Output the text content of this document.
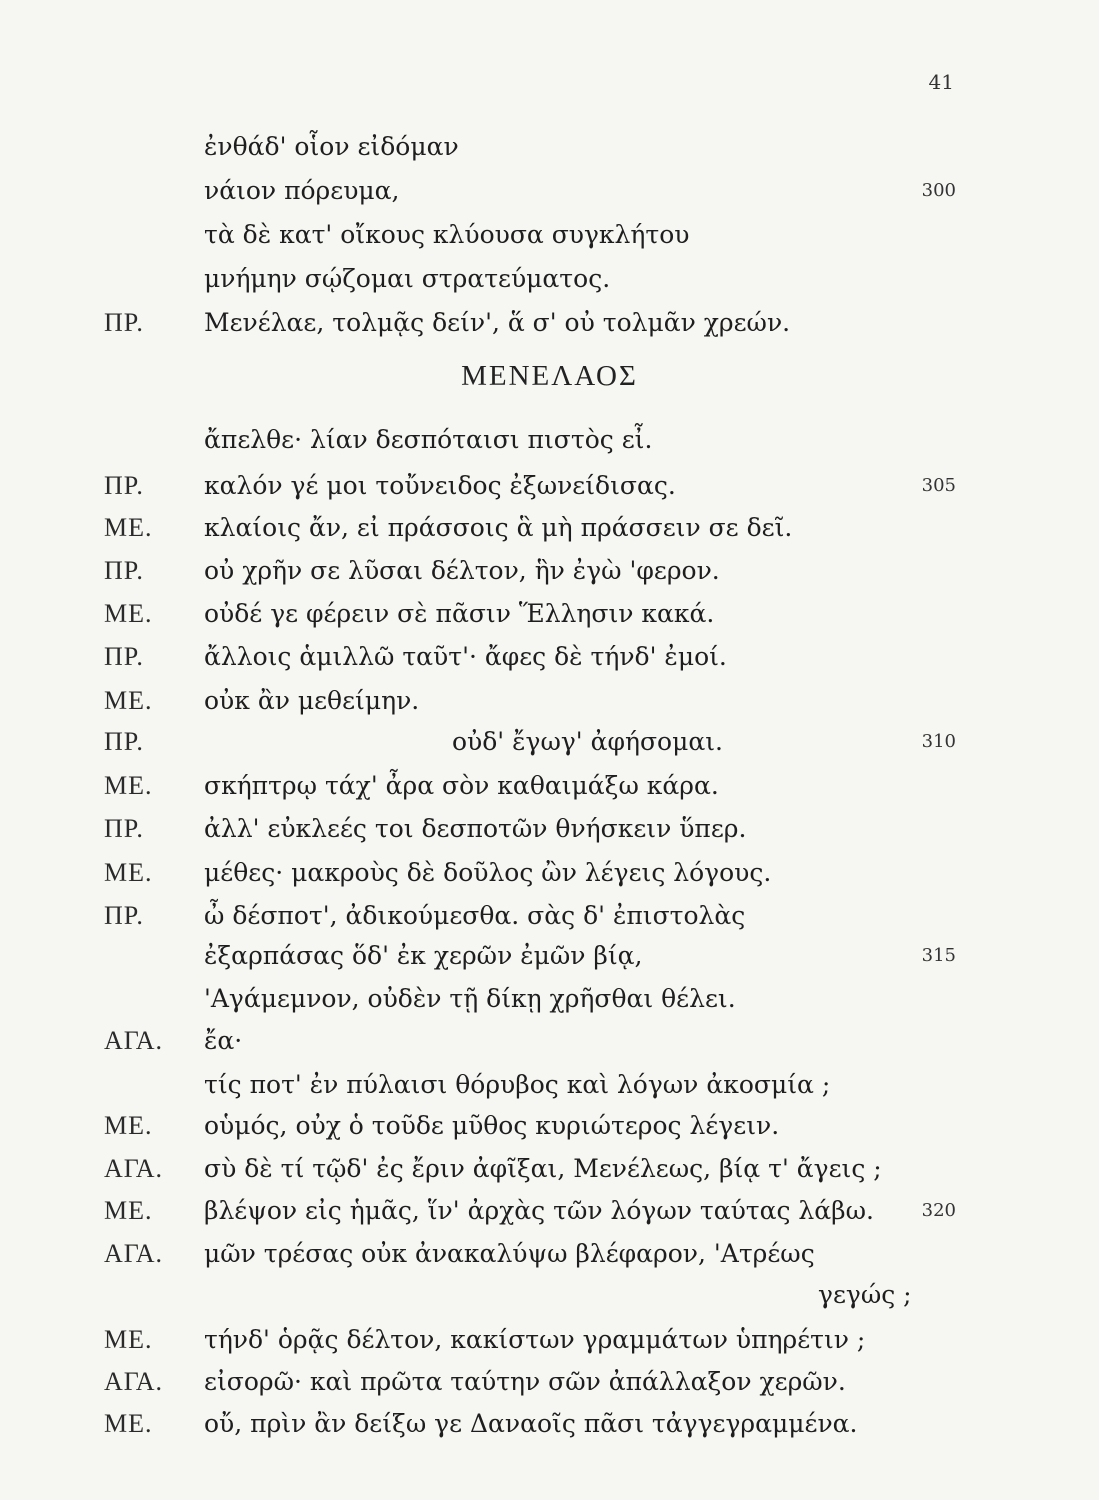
41
ἐνθάδ' οἷον εἰδόμαν
νάιον πόρευμα,	300
τὰ δὲ κατ' οἴκους κλύουσα συγκλήτου
μνήμην σῴζομαι στρατεύματος.
ΠΡ. Μενέλαε, τολμᾷς δείν', ἅ σ' οὐ τολμᾶν χρεών.
ἄπελθε· λίαν δεσπόταισι πιστὸς εἶ.
ΠΡ. καλόν γέ μοι τοὔνειδος ἐξωνείδισας.	305
ΜΕ. κλαίοις ἄν, εἰ πράσσοις ἃ μὴ πράσσειν σε δεῖ.
ΠΡ. οὐ χρῆν σε λῦσαι δέλτον, ἣν ἐγὼ 'φερον.
ΜΕ. οὐδέ γε φέρειν σὲ πᾶσιν Ἕλλησιν κακά.
ΠΡ. ἄλλοις ἁμιλλῶ ταῦτ'· ἄφες δὲ τήνδ' ἐμοί.
ΜΕ. οὐκ ἂν μεθείμην.
ΠΡ.	οὐδ' ἔγωγ' ἀφήσομαι.	310
ΜΕ. σκήπτρῳ τάχ' ἆρα σὸν καθαιμάξω κάρα.
ΠΡ. ἀλλ' εὐκλεές τοι δεσποτῶν θνήσκειν ὕπερ.
ΜΕ. μέθες· μακροὺς δὲ δοῦλος ὢν λέγεις λόγους.
ΠΡ. ὦ δέσποτ', ἀδικούμεσθα. σὰς δ' ἐπιστολὰς
ἐξαρπάσας ὅδ' ἐκ χερῶν ἐμῶν βίᾳ,	315
'Αγάμεμνον, οὐδὲν τῇ δίκῃ χρῆσθαι θέλει.
ΑΓΑ. ἔα·
τίς ποτ' ἐν πύλαισι θόρυβος καὶ λόγων ἀκοσμία ;
ΜΕ. οὑμός, οὐχ ὁ τοῦδε μῦθος κυριώτερος λέγειν.
ΑΓΑ. σὺ δὲ τί τῷδ' ἐς ἔριν ἀφῖξαι, Μενέλεως, βίᾳ τ' ἄγεις ;
ΜΕ. βλέψον εἰς ἡμᾶς, ἵν' ἀρχὰς τῶν λόγων ταύτας λάβω.	320
ΑΓΑ. μῶν τρέσας οὐκ ἀνακαλύψω βλέφαρον, 'Ατρέως
γεγώς ;
ΜΕ. τήνδ' ὁρᾷς δέλτον, κακίστων γραμμάτων ὑπηρέτιν ;
ΑΓΑ. εἰσορῶ· καὶ πρῶτα ταύτην σῶν ἀπάλλαξον χερῶν.
ΜΕ. οὔ, πρὶν ἂν δείξω γε Δαναοῖς πᾶσι τἀγγεγραμμένα.
ΜΕΝΕΛΑΟΣ
